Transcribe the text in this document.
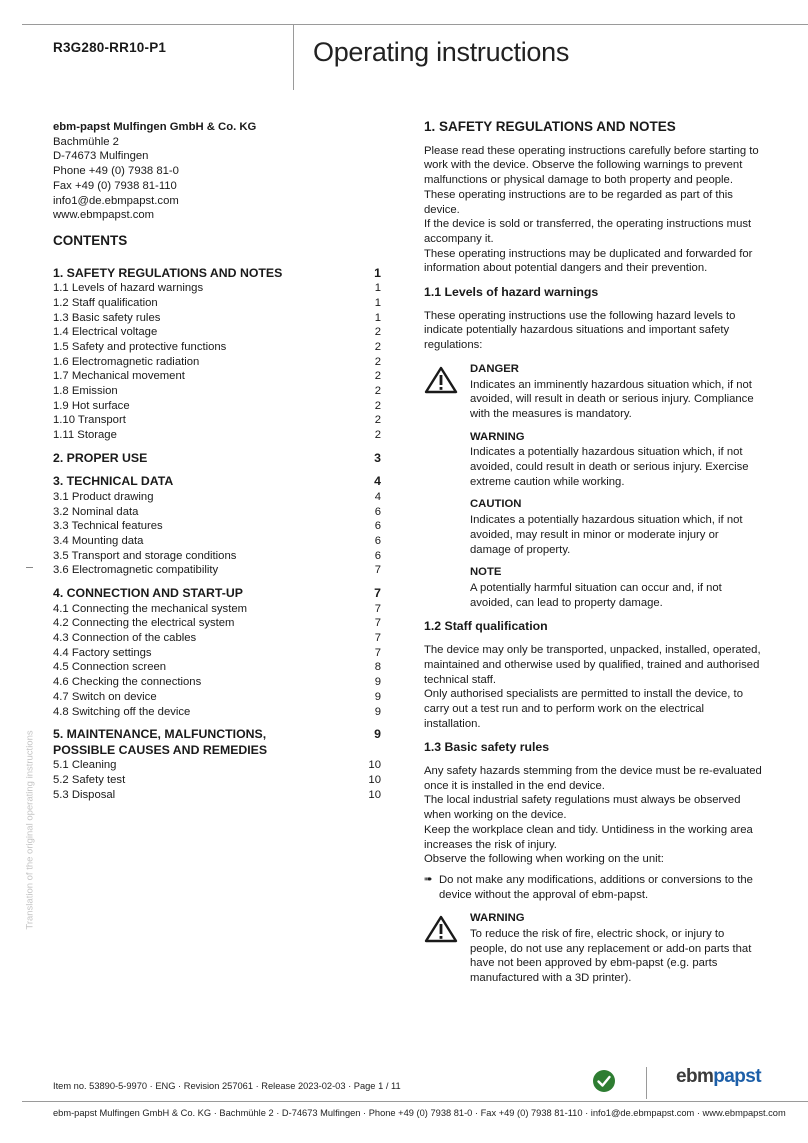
R3G280-RR10-P1	Operating instructions
Translation of the original operating instructions
ebm-papst Mulfingen GmbH & Co. KG
Bachmühle 2
D-74673 Mulfingen
Phone +49 (0) 7938 81-0
Fax +49 (0) 7938 81-110
info1@de.ebmpapst.com
www.ebmpapst.com
CONTENTS
1. SAFETY REGULATIONS AND NOTES	1
1.1 Levels of hazard warnings	1
1.2 Staff qualification	1
1.3 Basic safety rules	1
1.4 Electrical voltage	2
1.5 Safety and protective functions	2
1.6 Electromagnetic radiation	2
1.7 Mechanical movement	2
1.8 Emission	2
1.9 Hot surface	2
1.10 Transport	2
1.11 Storage	2
2. PROPER USE	3
3. TECHNICAL DATA	4
3.1 Product drawing	4
3.2 Nominal data	6
3.3 Technical features	6
3.4 Mounting data	6
3.5 Transport and storage conditions	6
3.6 Electromagnetic compatibility	7
4. CONNECTION AND START-UP	7
4.1 Connecting the mechanical system	7
4.2 Connecting the electrical system	7
4.3 Connection of the cables	7
4.4 Factory settings	7
4.5 Connection screen	8
4.6 Checking the connections	9
4.7 Switch on device	9
4.8 Switching off the device	9
5. MAINTENANCE, MALFUNCTIONS, POSSIBLE CAUSES AND REMEDIES
9
5.1 Cleaning	10
5.2 Safety test	10
5.3 Disposal	10
1. SAFETY REGULATIONS AND NOTES

Please read these operating instructions carefully before starting to work with the device. Observe the following warnings to prevent malfunctions or physical damage to both property and people.

These operating instructions are to be regarded as part of this device.

If the device is sold or transferred, the operating instructions must accompany it.

These operating instructions may be duplicated and forwarded for information about potential dangers and their prevention.

1.1 Levels of hazard warnings

These operating instructions use the following hazard levels to indicate potentially hazardous situations and important safety regulations:

DANGER
Indicates an imminently hazardous situation which, if not avoided, will result in death or serious injury. Compliance with the measures is mandatory.
WARNING
Indicates a potentially hazardous situation which, if not avoided, could result in death or serious injury. Exercise extreme caution while working.
CAUTION
Indicates a potentially hazardous situation which, if not avoided, may result in minor or moderate injury or damage of property.
NOTE
A potentially harmful situation can occur and, if not avoided, can lead to property damage.
1.2 Staff qualification

The device may only be transported, unpacked, installed, operated, maintained and otherwise used by qualified, trained and authorised technical staff.

Only authorised specialists are permitted to install the device, to carry out a test run and to perform work on the electrical installation.

1.3 Basic safety rules

Any safety hazards stemming from the device must be re-evaluated once it is installed in the end device.

The local industrial safety regulations must always be observed when working on the device.

Keep the workplace clean and tidy. Untidiness in the working area increases the risk of injury.

Observe the following when working on the unit:

➠ Do not make any modifications, additions or conversions to the device without the approval of ebm-papst.
WARNING
To reduce the risk of fire, electric shock, or injury to people, do not use any replacement or add-on parts that have not been approved by ebm-papst (e.g. parts manufactured with a 3D printer).
Item no. 53890-5-9970 · ENG · Revision 257061 · Release 2023-02-03 · Page 1 / 11	ebmpapst
ebm-papst Mulfingen GmbH & Co. KG · Bachmühle 2 · D-74673 Mulfingen · Phone +49 (0) 7938 81-0 · Fax +49 (0) 7938 81-110 · info1@de.ebmpapst.com · www.ebmpapst.com
